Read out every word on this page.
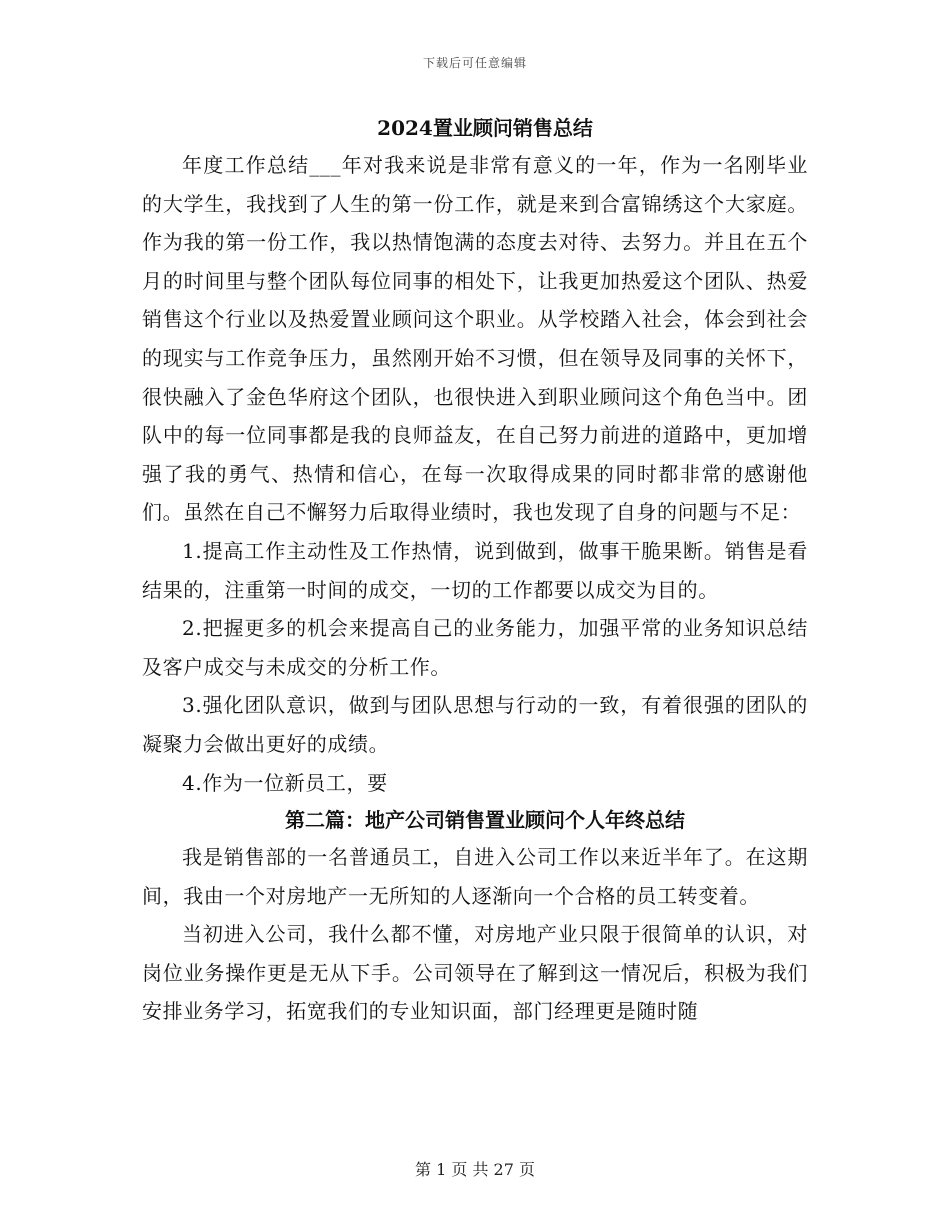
下载后可任意编辑
2024置业顾问销售总结

年度工作总结___年对我来说是非常有意义的一年，作为一名刚毕业的大学生，我找到了人生的第一份工作，就是来到合富锦绣这个大家庭。作为我的第一份工作，我以热情饱满的态度去对待、去努力。并且在五个月的时间里与整个团队每位同事的相处下，让我更加热爱这个团队、热爱销售这个行业以及热爱置业顾问这个职业。从学校踏入社会，体会到社会的现实与工作竞争压力，虽然刚开始不习惯，但在领导及同事的关怀下，很快融入了金色华府这个团队，也很快进入到职业顾问这个角色当中。团队中的每一位同事都是我的良师益友，在自己努力前进的道路中，更加增强了我的勇气、热情和信心，在每一次取得成果的同时都非常的感谢他们。虽然在自己不懈努力后取得业绩时，我也发现了自身的问题与不足：

1.提高工作主动性及工作热情，说到做到，做事干脆果断。销售是看结果的，注重第一时间的成交，一切的工作都要以成交为目的。

2.把握更多的机会来提高自己的业务能力，加强平常的业务知识总结及客户成交与未成交的分析工作。

3.强化团队意识，做到与团队思想与行动的一致，有着很强的团队的凝聚力会做出更好的成绩。

4.作为一位新员工，要

第二篇：地产公司销售置业顾问个人年终总结

我是销售部的一名普通员工，自进入公司工作以来近半年了。在这期间，我由一个对房地产一无所知的人逐渐向一个合格的员工转变着。

当初进入公司，我什么都不懂，对房地产业只限于很简单的认识，对岗位业务操作更是无从下手。公司领导在了解到这一情况后，积极为我们安排业务学习，拓宽我们的专业知识面，部门经理更是随时随

第 1 页 共 27 页
